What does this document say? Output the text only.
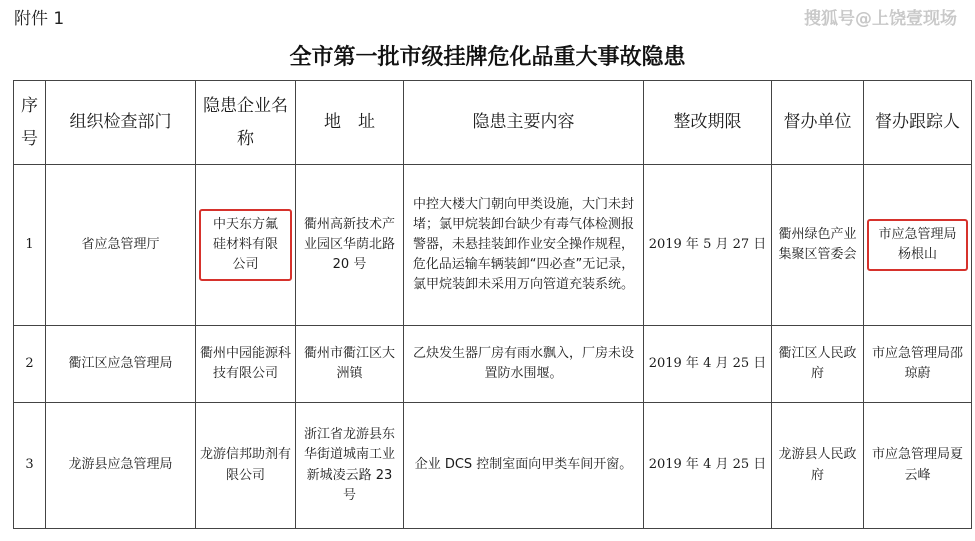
附件 1	搜狐号@上饶壹现场
全市第一批市级挂牌危化品重大事故隐患
序号	组织检查部门	隐患企业名称	地　址	隐患主要内容	整改期限	督办单位	督办跟踪人
1	省应急管理厅	中天东方氟硅材料有限公司	衢州高新技术产业园区华荫北路 20 号	中控大楼大门朝向甲类设施，大门未封堵；氯甲烷装卸台缺少有毒气体检测报警器，未悬挂装卸作业安全操作规程，危化品运输车辆装卸“四必查”无记录，氯甲烷装卸未采用万向管道充装系统。	2019 年 5 月 27 日	衢州绿色产业集聚区管委会	市应急管理局杨根山
2	衢江区应急管理局	衢州中园能源科技有限公司	衢州市衢江区大洲镇	乙炔发生器厂房有雨水飘入，厂房未设置防水围堰。	2019 年 4 月 25 日	衢江区人民政府	市应急管理局邵琼蔚
3	龙游县应急管理局	龙游信邦助剂有限公司	浙江省龙游县东华街道城南工业新城凌云路 23 号	企业 DCS 控制室面向甲类车间开窗。	2019 年 4 月 25 日	龙游县人民政府	市应急管理局夏云峰
